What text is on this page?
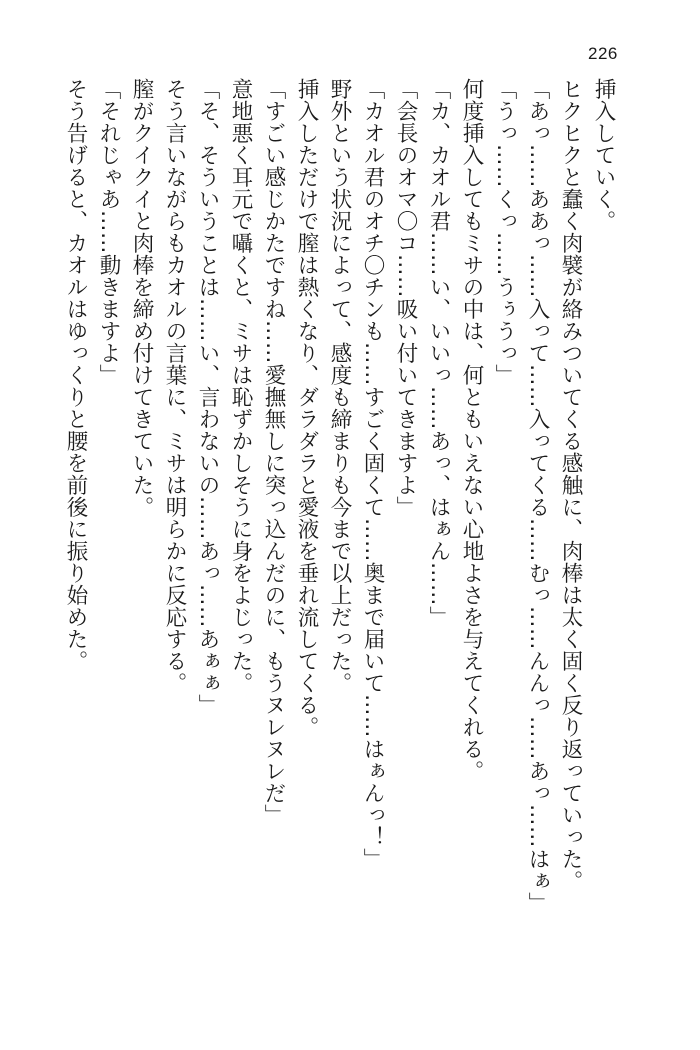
226
挿入していく。
ヒクヒクと蠢く肉襞が絡みついてくる感触に、肉棒は太く固く反り返っていった。
「あっ……ああっ……入って……入ってくる……むっ……んんっ……あっ……はぁ」
「うっ……くっ……うぅうっ」
何度挿入してもミサの中は、何ともいえない心地よさを与えてくれる。
「カ、カオル君……い、いいっ……あっ、はぁん……」
「会長のオマ〇コ……吸い付いてきますよ」
「カオル君のオチ〇チンも……すごく固くて……奥まで届いて……はぁんっ！」
野外という状況によって、感度も締まりも今まで以上だった。
挿入しただけで膣は熱くなり、ダラダラと愛液を垂れ流してくる。
「すごい感じかたですね……愛撫無しに突っ込んだのに、もうヌレヌレだ」
意地悪く耳元で囁くと、ミサは恥ずかしそうに身をよじった。
「そ、そういうことは……い、言わないの……あっ……あぁぁ」
そう言いながらもカオルの言葉に、ミサは明らかに反応する。
膣がクイクイと肉棒を締め付けてきていた。
「それじゃあ……動きますよ」
そう告げると、カオルはゆっくりと腰を前後に振り始めた。
